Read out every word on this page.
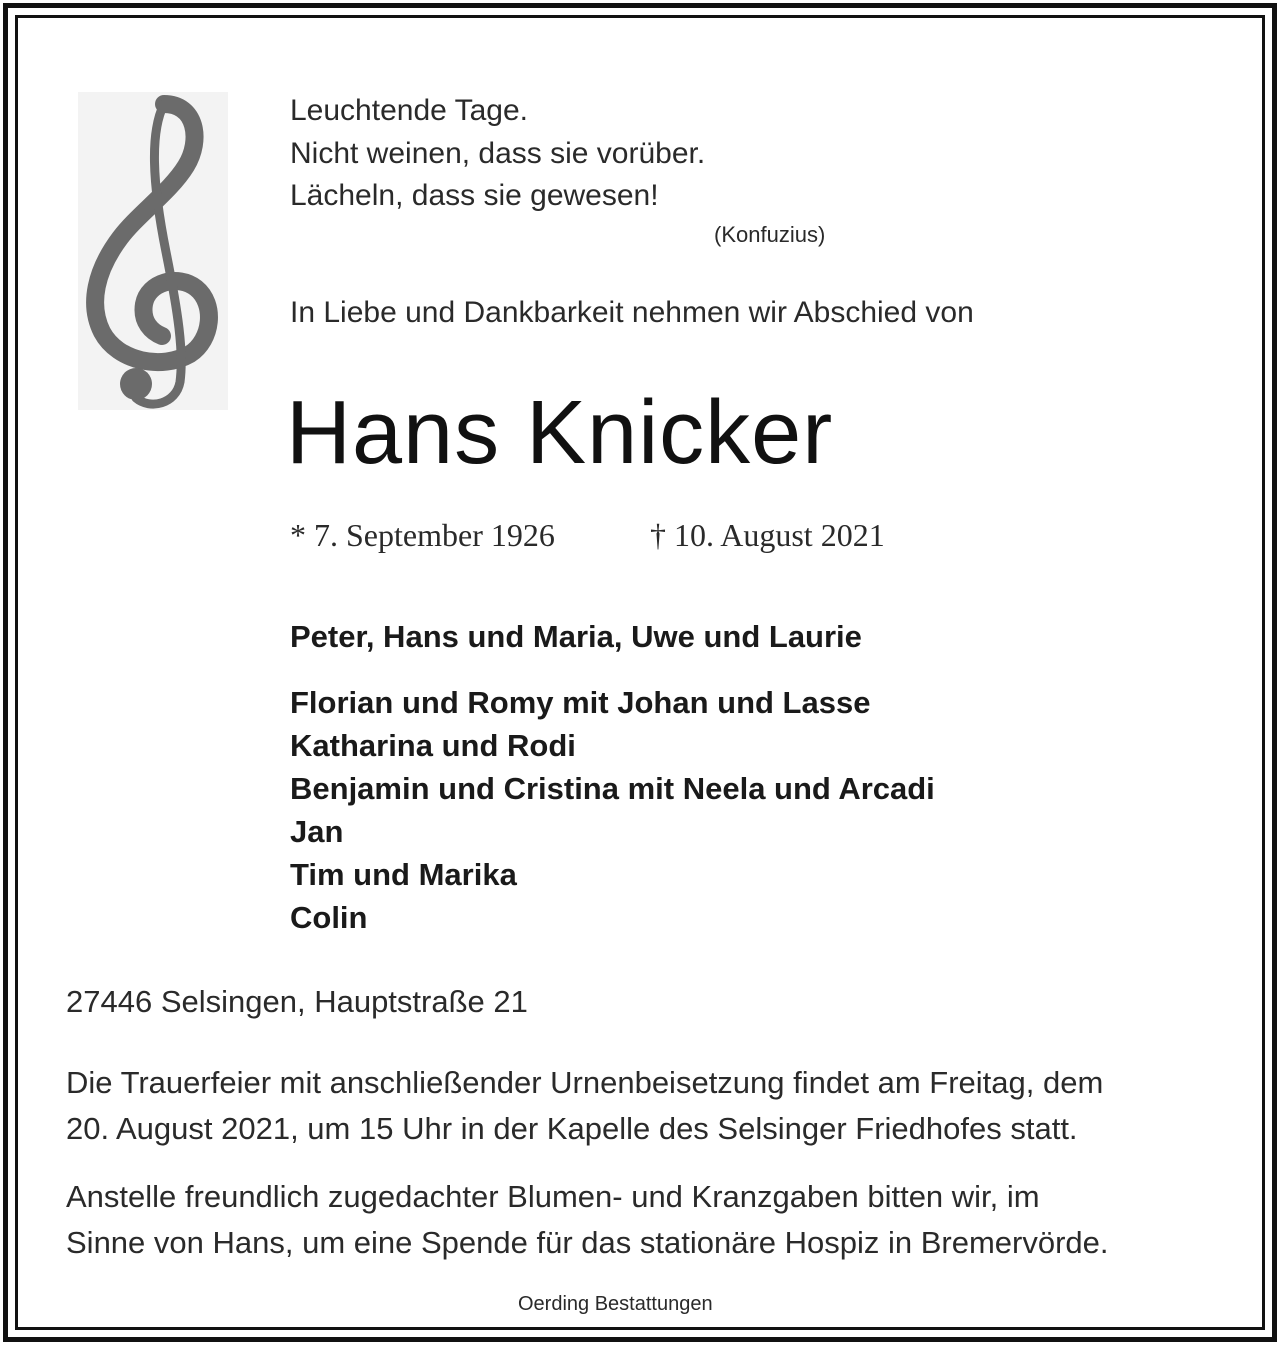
Leuchtende Tage.
Nicht weinen, dass sie vorüber.
Lächeln, dass sie gewesen!
(Konfuzius)
In Liebe und Dankbarkeit nehmen wir Abschied von
Hans Knicker
* 7. September 1926	† 10. August 2021
Peter, Hans und Maria, Uwe und Laurie
Florian und Romy mit Johan und Lasse
Katharina und Rodi
Benjamin und Cristina mit Neela und Arcadi
Jan
Tim und Marika
Colin
27446 Selsingen, Hauptstraße 21
Die Trauerfeier mit anschließender Urnenbeisetzung findet am Freitag, dem
20. August 2021, um 15 Uhr in der Kapelle des Selsinger Friedhofes statt.
Anstelle freundlich zugedachter Blumen- und Kranzgaben bitten wir, im
Sinne von Hans, um eine Spende für das stationäre Hospiz in Bremervörde.
Oerding Bestattungen
